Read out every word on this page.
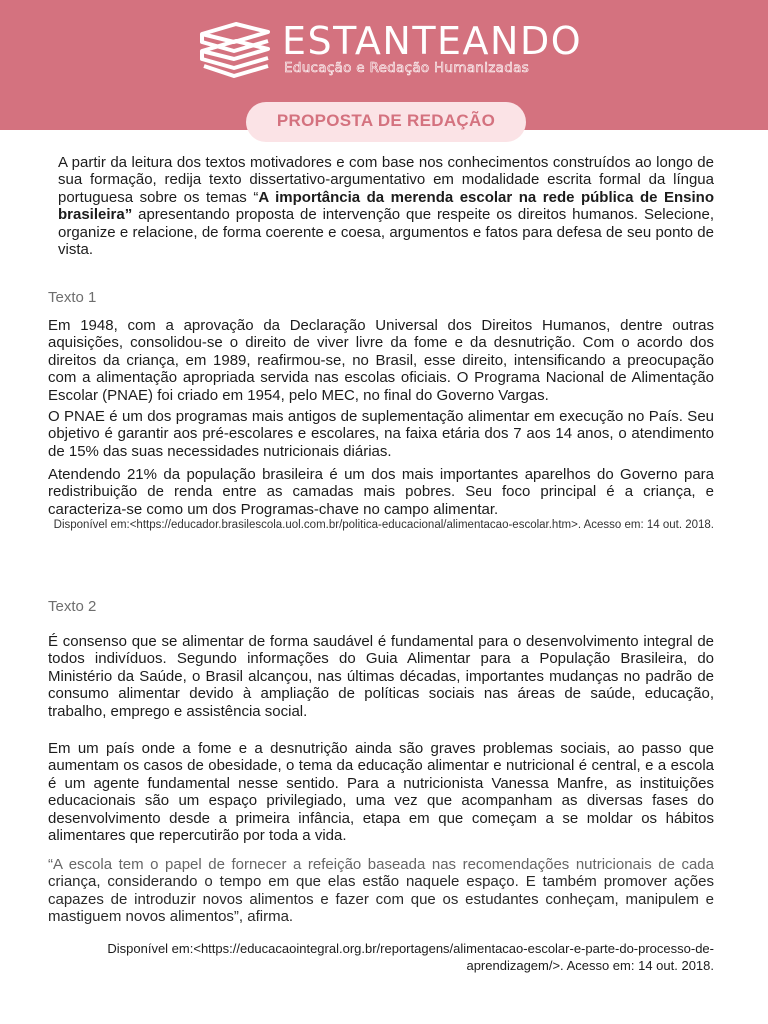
ESTANTEANDO
Educação e Redação Humanizadas
PROPOSTA DE REDAÇÃO
A partir da leitura dos textos motivadores e com base nos conhecimentos construídos ao longo de sua formação, redija texto dissertativo-argumentativo em modalidade escrita formal da língua portuguesa sobre os temas “A importância da merenda escolar na rede pública de Ensino brasileira” apresentando proposta de intervenção que respeite os direitos humanos. Selecione, organize e relacione, de forma coerente e coesa, argumentos e fatos para defesa de seu ponto de vista.
Texto 1
Em 1948, com a aprovação da Declaração Universal dos Direitos Humanos, dentre outras aquisições, consolidou-se o direito de viver livre da fome e da desnutrição. Com o acordo dos direitos da criança, em 1989, reafirmou-se, no Brasil, esse direito, intensificando a preocupação com a alimentação apropriada servida nas escolas oficiais. O Programa Nacional de Alimentação Escolar (PNAE) foi criado em 1954, pelo MEC, no final do Governo Vargas.
O PNAE é um dos programas mais antigos de suplementação alimentar em execução no País. Seu objetivo é garantir aos pré-escolares e escolares, na faixa etária dos 7 aos 14 anos, o atendimento de 15% das suas necessidades nutricionais diárias.
Atendendo 21% da população brasileira é um dos mais importantes aparelhos do Governo para redistribuição de renda entre as camadas mais pobres. Seu foco principal é a criança, e caracteriza-se como um dos Programas-chave no campo alimentar.
Disponível em:<https://educador.brasilescola.uol.com.br/politica-educacional/alimentacao-escolar.htm>. Acesso em: 14 out. 2018.
Texto 2
É consenso que se alimentar de forma saudável é fundamental para o desenvolvimento integral de todos indivíduos. Segundo informações do Guia Alimentar para a População Brasileira, do Ministério da Saúde, o Brasil alcançou, nas últimas décadas, importantes mudanças no padrão de consumo alimentar devido à ampliação de políticas sociais nas áreas de saúde, educação, trabalho, emprego e assistência social.
Em um país onde a fome e a desnutrição ainda são graves problemas sociais, ao passo que aumentam os casos de obesidade, o tema da educação alimentar e nutricional é central, e a escola é um agente fundamental nesse sentido. Para a nutricionista Vanessa Manfre, as instituições educacionais são um espaço privilegiado, uma vez que acompanham as diversas fases do desenvolvimento desde a primeira infância, etapa em que começam a se moldar os hábitos alimentares que repercutirão por toda a vida.
“A escola tem o papel de fornecer a refeição baseada nas recomendações nutricionais de cada criança, considerando o tempo em que elas estão naquele espaço. E também promover ações capazes de introduzir novos alimentos e fazer com que os estudantes conheçam, manipulem e mastiguem novos alimentos”, afirma.
Disponível em:<https://educacaointegral.org.br/reportagens/alimentacao-escolar-e-parte-do-processo-de-aprendizagem/>. Acesso em: 14 out. 2018.
